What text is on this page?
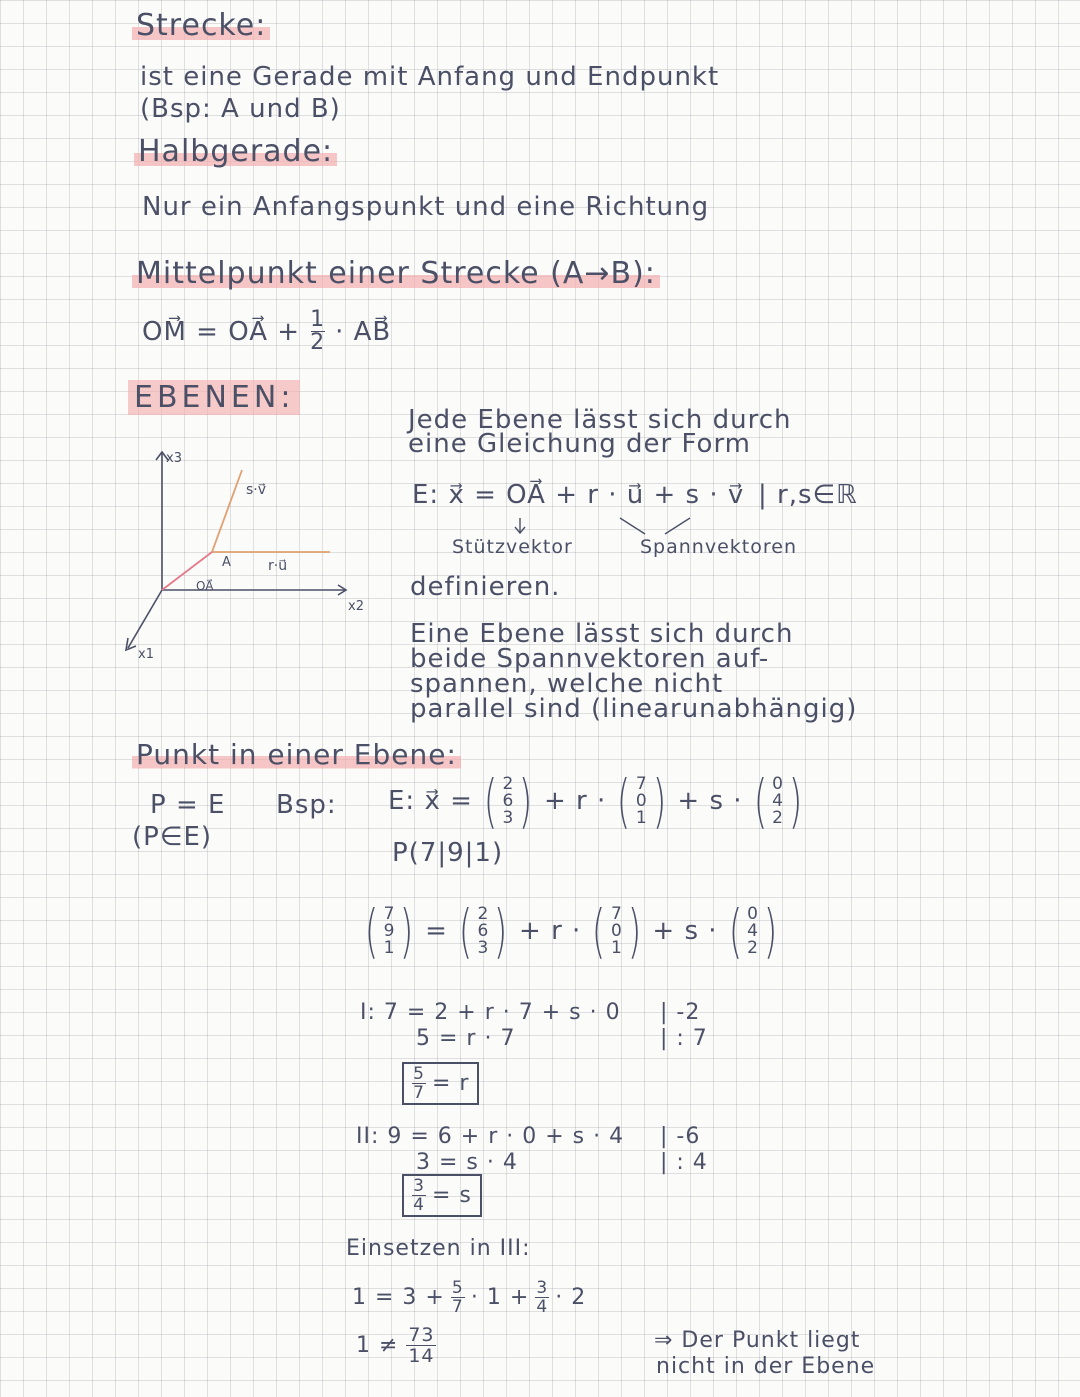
Strecke:
ist eine Gerade mit Anfang und Endpunkt
(Bsp: A und B)
Halbgerade:
Nur ein Anfangspunkt und eine Richtung
Mittelpunkt einer Strecke (A→B):
OM⃗ = OA⃗ + $\frac{1}{2}$ · AB⃗
EBENEN:
x3
x2
x1
s·v⃗
r·u⃗
A
OA⃗
Jede Ebene lässt sich durch
eine Gleichung der Form
E: x⃗ = OA⃗ + r · u⃗ + s · v⃗ | r,s∈ℝ
Stützvektor	Spannvektoren
definieren.
Eine Ebene lässt sich durch
beide Spannvektoren auf-
spannen, welche nicht
parallel sind (linearunabhängig)
Punkt in einer Ebene:
P = E
(P∈E)
Bsp: E: x⃗ = ( 2
6
3 ) + r · ( 7
0
1 ) + s · ( 0
4
2 )
P(7|9|1)
( 7
9
1 ) = ( 2
6
3 ) + r · ( 7
0
1 ) + s · ( 0
4
2 )
I: 7 = 2 + r · 7 + s · 0 | -2
5 = r · 7	| : 7
$\frac{5}{7} = r$
II: 9 = 6 + r · 0 + s · 4 | -6
3 = s · 4	| : 4
$\frac{3}{4} = s$
Einsetzen in III:
$1 = 3 + \frac{5}{7} \cdot 1 + \frac{3}{4} \cdot 2$
$1 \ne \frac{73}{14}$	⇒ Der Punkt liegt
nicht in der Ebene
